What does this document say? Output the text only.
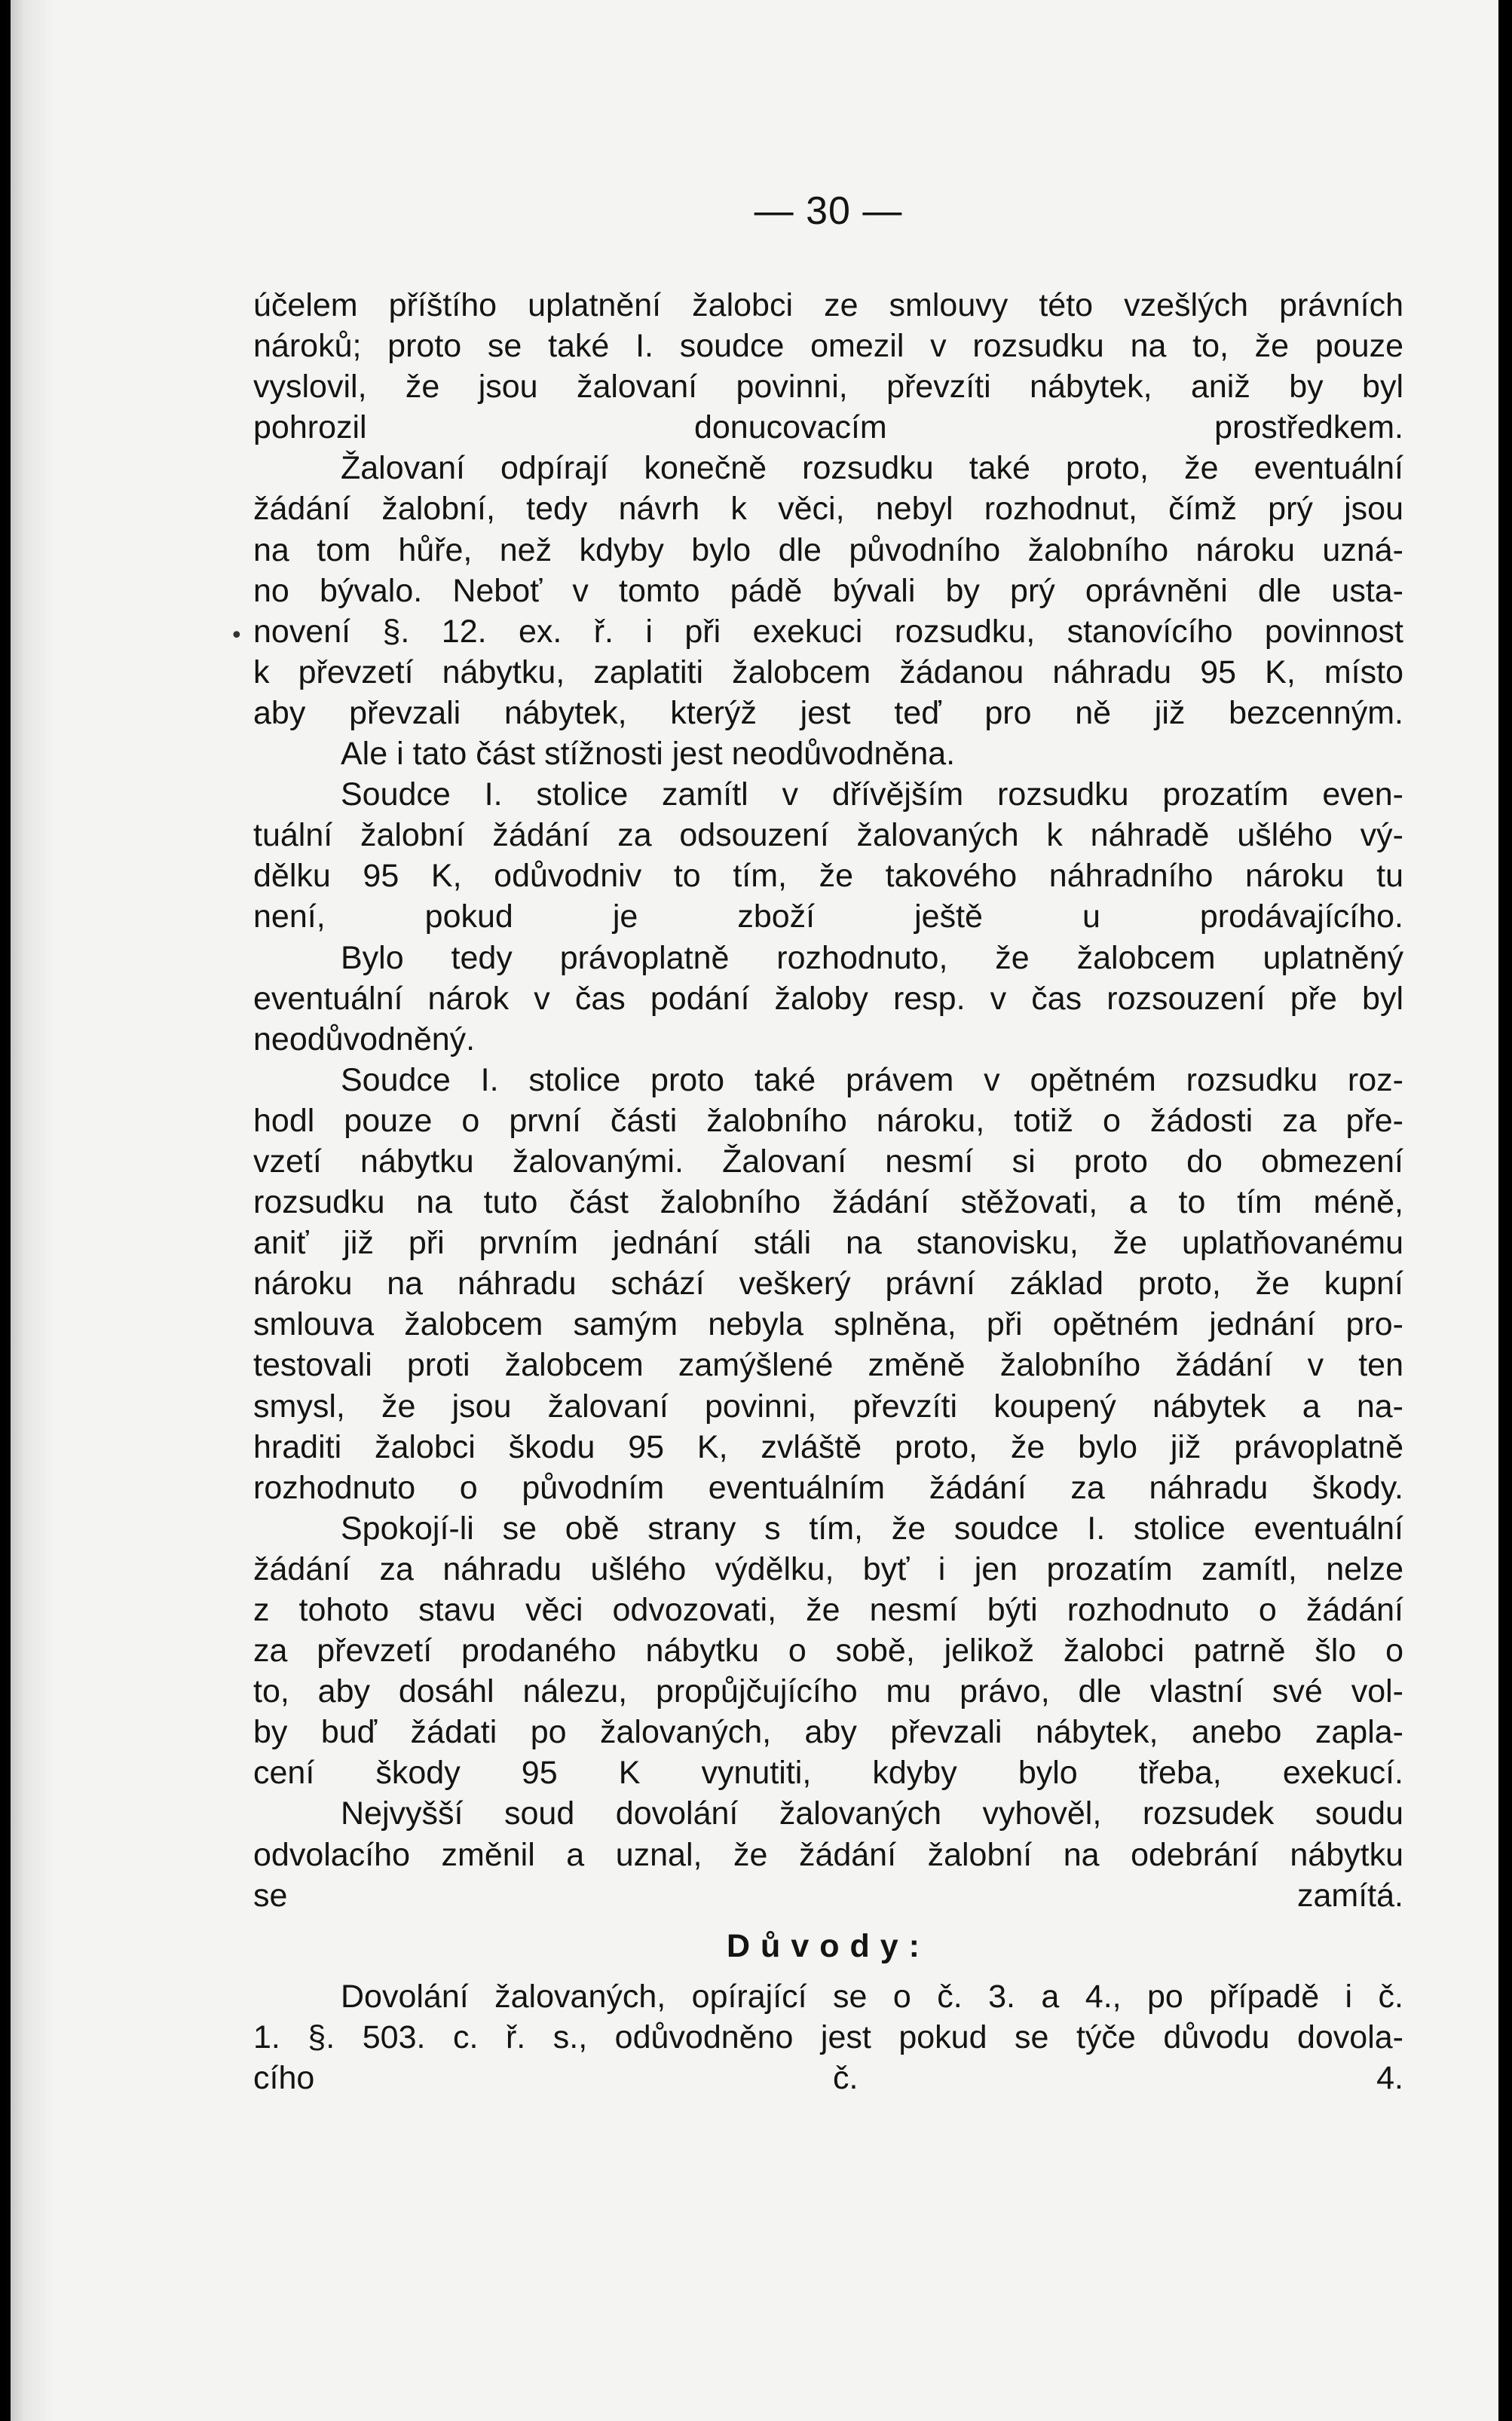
— 30 —

účelem příštího uplatnění žalobci ze smlouvy této vzešlých právních
nároků; proto se také I. soudce omezil v rozsudku na to, že pouze
vyslovil, že jsou žalovaní povinni, převzíti nábytek, aniž by byl
pohrozil donucovacím prostředkem.

Žalovaní odpírají konečně rozsudku také proto, že eventuální
žádání žalobní, tedy návrh k věci, nebyl rozhodnut, čímž prý jsou
na tom hůře, než kdyby bylo dle původního žalobního nároku uzná-
no bývalo. Neboť v tomto pádě bývali by prý oprávněni dle usta-
novení §. 12. ex. ř. i při exekuci rozsudku, stanovícího povinnost
k převzetí nábytku, zaplatiti žalobcem žádanou náhradu 95 K, místo
aby převzali nábytek, kterýž jest teď pro ně již bezcenným.

Ale i tato část stížnosti jest neodůvodněna.

Soudce I. stolice zamítl v dřívějším rozsudku prozatím even-
tuální žalobní žádání za odsouzení žalovaných k náhradě ušlého vý-
dělku 95 K, odůvodniv to tím, že takového náhradního nároku tu
není, pokud je zboží ještě u prodávajícího.

Bylo tedy právoplatně rozhodnuto, že žalobcem uplatněný
eventuální nárok v čas podání žaloby resp. v čas rozsouzení pře byl
neodůvodněný.

Soudce I. stolice proto také právem v opětném rozsudku roz-
hodl pouze o první části žalobního nároku, totiž o žádosti za pře-
vzetí nábytku žalovanými. Žalovaní nesmí si proto do obmezení
rozsudku na tuto část žalobního žádání stěžovati, a to tím méně,
aniť již při prvním jednání stáli na stanovisku, že uplatňovanému
nároku na náhradu schází veškerý právní základ proto, že kupní
smlouva žalobcem samým nebyla splněna, při opětném jednání pro-
testovali proti žalobcem zamýšlené změně žalobního žádání v ten
smysl, že jsou žalovaní povinni, převzíti koupený nábytek a na-
hraditi žalobci škodu 95 K, zvláště proto, že bylo již právoplatně
rozhodnuto o původním eventuálním žádání za náhradu škody.

Spokojí-li se obě strany s tím, že soudce I. stolice eventuální
žádání za náhradu ušlého výdělku, byť i jen prozatím zamítl, nelze
z tohoto stavu věci odvozovati, že nesmí býti rozhodnuto o žádání
za převzetí prodaného nábytku o sobě, jelikož žalobci patrně šlo o
to, aby dosáhl nálezu, propůjčujícího mu právo, dle vlastní své vol-
by buď žádati po žalovaných, aby převzali nábytek, anebo zapla-
cení škody 95 K vynutiti, kdyby bylo třeba, exekucí.

Nejvyšší soud dovolání žalovaných vyhověl, rozsudek soudu
odvolacího změnil a uznal, že žádání žalobní na odebrání nábytku
se zamítá.

Důvody:

Dovolání žalovaných, opírající se o č. 3. a 4., po případě i č.
1. §. 503. c. ř. s., odůvodněno jest pokud se týče důvodu dovola-
cího č. 4.

•
